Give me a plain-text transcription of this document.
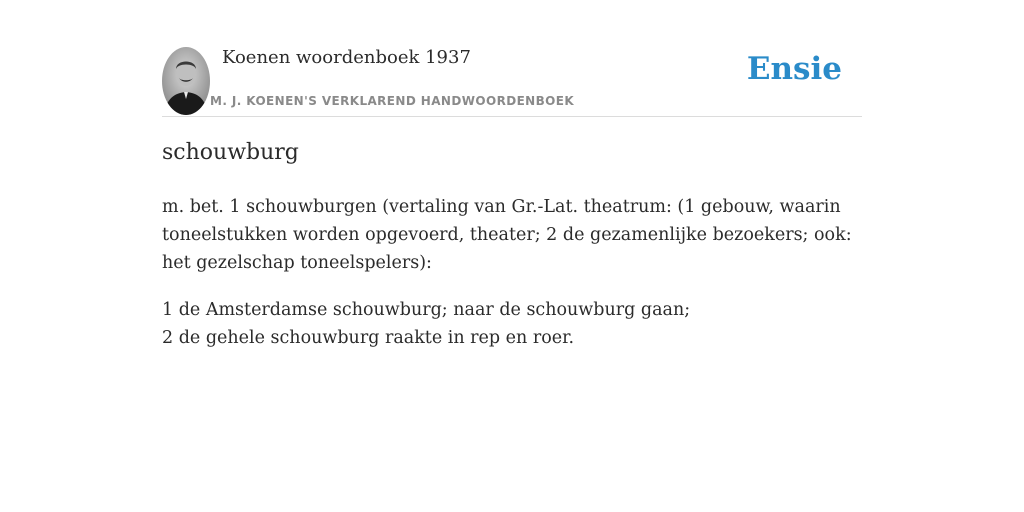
Koenen woordenboek 1937
M. J. KOENEN'S VERKLAREND HANDWOORDENBOEK
Ensie
schouwburg

m. bet. 1 schouwburgen (vertaling van Gr.-Lat. theatrum: (1 gebouw, waarin toneelstukken worden opgevoerd, theater; 2 de gezamenlijke bezoekers; ook: het gezelschap toneelspelers):

1 de Amsterdamse schouwburg; naar de schouwburg gaan;
2 de gehele schouwburg raakte in rep en roer.
